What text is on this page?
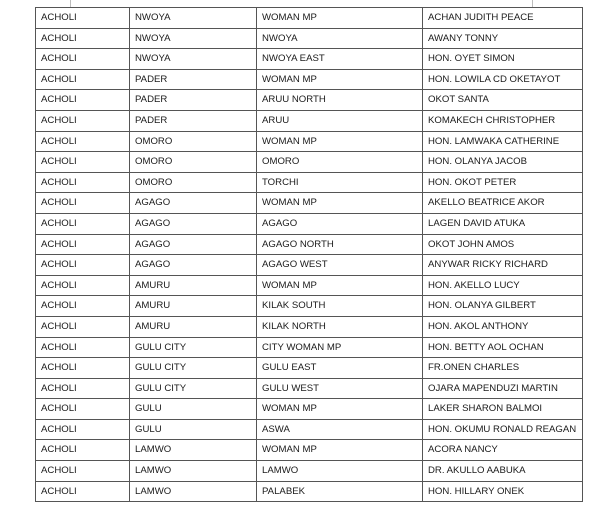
ACHOLI	NWOYA	WOMAN MP	ACHAN JUDITH PEACE
ACHOLI	NWOYA	NWOYA	AWANY TONNY
ACHOLI	NWOYA	NWOYA EAST	HON. OYET SIMON
ACHOLI	PADER	WOMAN MP	HON. LOWILA CD OKETAYOT
ACHOLI	PADER	ARUU NORTH	OKOT SANTA
ACHOLI	PADER	ARUU	KOMAKECH CHRISTOPHER
ACHOLI	OMORO	WOMAN MP	HON. LAMWAKA CATHERINE
ACHOLI	OMORO	OMORO	HON. OLANYA JACOB
ACHOLI	OMORO	TORCHI	HON. OKOT PETER
ACHOLI	AGAGO	WOMAN MP	AKELLO BEATRICE AKOR
ACHOLI	AGAGO	AGAGO	LAGEN DAVID ATUKA
ACHOLI	AGAGO	AGAGO NORTH	OKOT JOHN AMOS
ACHOLI	AGAGO	AGAGO WEST	ANYWAR RICKY RICHARD
ACHOLI	AMURU	WOMAN MP	HON. AKELLO LUCY
ACHOLI	AMURU	KILAK SOUTH	HON. OLANYA GILBERT
ACHOLI	AMURU	KILAK NORTH	HON. AKOL ANTHONY
ACHOLI	GULU CITY	CITY WOMAN MP	HON. BETTY AOL OCHAN
ACHOLI	GULU CITY	GULU EAST	FR.ONEN CHARLES
ACHOLI	GULU CITY	GULU WEST	OJARA MAPENDUZI MARTIN
ACHOLI	GULU	WOMAN MP	LAKER SHARON BALMOI
ACHOLI	GULU	ASWA	HON. OKUMU RONALD REAGAN
ACHOLI	LAMWO	WOMAN MP	ACORA NANCY
ACHOLI	LAMWO	LAMWO	DR. AKULLO AABUKA
ACHOLI	LAMWO	PALABEK	HON. HILLARY ONEK
